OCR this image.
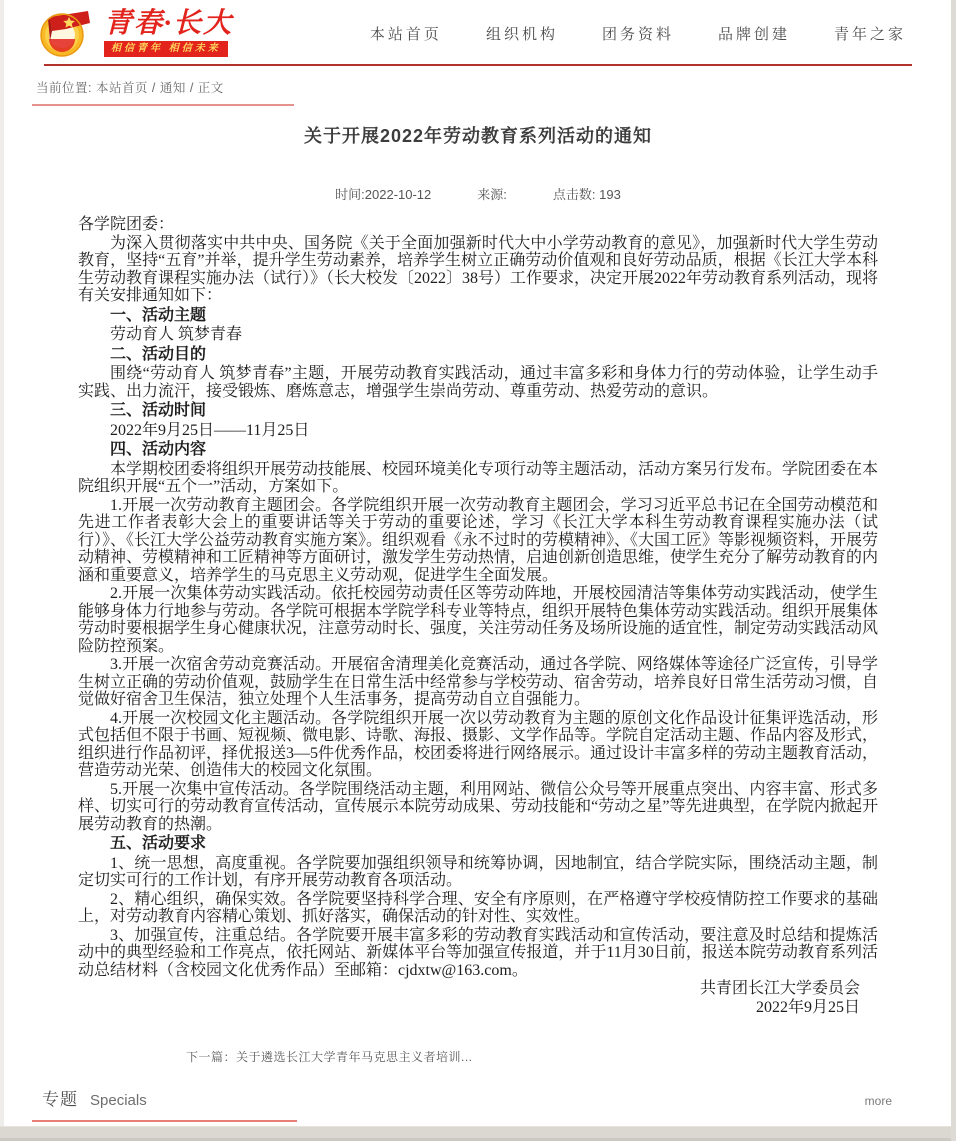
青春·长大
相信青年 相信未来
本站首页	组织机构	团务资料	品牌创建	青年之家
当前位置: 本站首页 / 通知 / 正文
关于开展2022年劳动教育系列活动的通知
时间:2022-10-12	来源:	点击数: 193

各学院团委：

为深入贯彻落实中共中央、国务院《关于全面加强新时代大中小学劳动教育的意见》，加强新时代大学生劳动教育，坚持“五育”并举，提升学生劳动素养，培养学生树立正确劳动价值观和良好劳动品质，根据《长江大学本科生劳动教育课程实施办法（试行）》（长大校发〔2022〕38号）工作要求，决定开展2022年劳动教育系列活动，现将有关安排通知如下：

一、活动主题

劳动育人 筑梦青春

二、活动目的

围绕“劳动育人 筑梦青春”主题，开展劳动教育实践活动，通过丰富多彩和身体力行的劳动体验，让学生动手实践、出力流汗，接受锻炼、磨炼意志，增强学生崇尚劳动、尊重劳动、热爱劳动的意识。

三、活动时间

2022年9月25日——11月25日

四、活动内容

本学期校团委将组织开展劳动技能展、校园环境美化专项行动等主题活动，活动方案另行发布。学院团委在本院组织开展“五个一”活动，方案如下。

1.开展一次劳动教育主题团会。各学院组织开展一次劳动教育主题团会，学习习近平总书记在全国劳动模范和先进工作者表彰大会上的重要讲话等关于劳动的重要论述，学习《长江大学本科生劳动教育课程实施办法（试行）》、《长江大学公益劳动教育实施方案》。组织观看《永不过时的劳模精神》、《大国工匠》等影视频资料，开展劳动精神、劳模精神和工匠精神等方面研讨，激发学生劳动热情，启迪创新创造思维，使学生充分了解劳动教育的内涵和重要意义，培养学生的马克思主义劳动观，促进学生全面发展。

2.开展一次集体劳动实践活动。依托校园劳动责任区等劳动阵地，开展校园清洁等集体劳动实践活动，使学生能够身体力行地参与劳动。各学院可根据本学院学科专业等特点，组织开展特色集体劳动实践活动。组织开展集体劳动时要根据学生身心健康状况，注意劳动时长、强度，关注劳动任务及场所设施的适宜性，制定劳动实践活动风险防控预案。

3.开展一次宿舍劳动竞赛活动。开展宿舍清理美化竞赛活动，通过各学院、网络媒体等途径广泛宣传，引导学生树立正确的劳动价值观，鼓励学生在日常生活中经常参与学校劳动、宿舍劳动，培养良好日常生活劳动习惯，自觉做好宿舍卫生保洁，独立处理个人生活事务，提高劳动自立自强能力。

4.开展一次校园文化主题活动。各学院组织开展一次以劳动教育为主题的原创文化作品设计征集评选活动，形式包括但不限于书画、短视频、微电影、诗歌、海报、摄影、文学作品等。学院自定活动主题、作品内容及形式，组织进行作品初评，择优报送3—5件优秀作品，校团委将进行网络展示。通过设计丰富多样的劳动主题教育活动，营造劳动光荣、创造伟大的校园文化氛围。

5.开展一次集中宣传活动。各学院围绕活动主题，利用网站、微信公众号等开展重点突出、内容丰富、形式多样、切实可行的劳动教育宣传活动，宣传展示本院劳动成果、劳动技能和“劳动之星”等先进典型，在学院内掀起开展劳动教育的热潮。

五、活动要求

1、统一思想，高度重视。各学院要加强组织领导和统筹协调，因地制宜，结合学院实际，围绕活动主题，制定切实可行的工作计划，有序开展劳动教育各项活动。

2、精心组织，确保实效。各学院要坚持科学合理、安全有序原则，在严格遵守学校疫情防控工作要求的基础上，对劳动教育内容精心策划、抓好落实，确保活动的针对性、实效性。

3、加强宣传，注重总结。各学院要开展丰富多彩的劳动教育实践活动和宣传活动，要注意及时总结和提炼活动中的典型经验和工作亮点，依托网站、新媒体平台等加强宣传报道，并于11月30日前，报送本院劳动教育系列活动总结材料（含校园文化优秀作品）至邮箱：cjdxtw@163.com。

共青团长江大学委员会

2022年9月25日

下一篇：关于遴选长江大学青年马克思主义者培训...
专题 Specials	more
